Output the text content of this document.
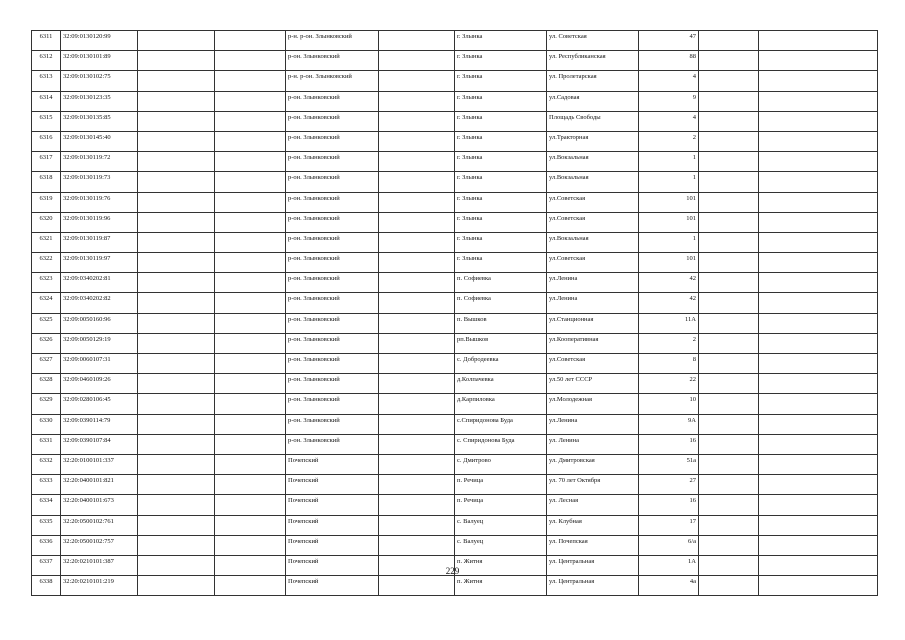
6311	32:09:0130120:99			р-н. р-он. Злынковский		г. Злынка	ул. Советская	47		
6312	32:09:0130101:89			р-он. Злынковский		г. Злынка	ул. Республиканская	88		
6313	32:09:0130102:75			р-н. р-он. Злынковский		г. Злынка	ул. Пролетарская	4		
6314	32:09:0130123:35			р-он. Злынковский		г. Злынка	ул.Садовая	9		
6315	32:09:0130135:85			р-он. Злынковский		г. Злынка	Площадь Свободы	4		
6316	32:09:0130145:40			р-он. Злынковский		г. Злынка	ул.Тракторная	2		
6317	32:09:0130119:72			р-он. Злынковский		г. Злынка	ул.Вокзальная	1		
6318	32:09:0130119:73			р-он. Злынковский		г. Злынка	ул.Вокзальная	1		
6319	32:09:0130119:76			р-он. Злынковский		г. Злынка	ул.Советская	101		
6320	32:09:0130119:96			р-он. Злынковский		г. Злынка	ул.Советская	101		
6321	32:09:0130119:87			р-он. Злынковский		г. Злынка	ул.Вокзальная	1		
6322	32:09:0130119:97			р-он. Злынковский		г. Злынка	ул.Советская	101		
6323	32:09:0340202:81			р-он. Злынковский		п. Софиевка	ул.Ленина	42		
6324	32:09:0340202:82			р-он. Злынковский		п. Софиевка	ул.Ленина	42		
6325	32:09:0050160:96			р-он. Злынковский		п. Вышков	ул.Станционная	11А		
6326	32:09:0050129:19			р-он. Злынковский		рп.Вышков	ул.Кооперативная	2		
6327	32:09:0060107:31			р-он. Злынковский		с. Добродеевка	ул.Советская	8		
6328	32:09:0460109:26			р-он. Злынковский		д.Колпачевка	ул.50 лет СССР	22		
6329	32:09:0280106:45			р-он. Злынковский		д.Карпиловка	ул.Молодежная	10		
6330	32:09:0390114:79			р-он. Злынковский		с.Спиридонова Буда	ул.Ленина	9А		
6331	32:09:0390107:84			р-он. Злынковский		с. Спиридонова Буда	ул. Ленина	16		
6332	32:20:0100101:337			Почепский		с. Дмитрово	ул. Дмитровская	51а		
6333	32:20:0400101:821			Почепский		п. Речица	ул. 70 лет Октября	27		
6334	32:20:0400101:673			Почепский		п. Речица	ул. Лесная	16		
6335	32:20:0500102:761			Почепский		с. Валуец	ул. Клубная	17		
6336	32:20:0500102:757			Почепский		с. Валуец	ул. Почепская	6/а		
6337	32:20:0210101:387			Почепский		п. Житня	ул. Центральная	1А		
6338	32:20:0210101:219			Почепский		п. Житня	ул. Центральная	4а		
229
